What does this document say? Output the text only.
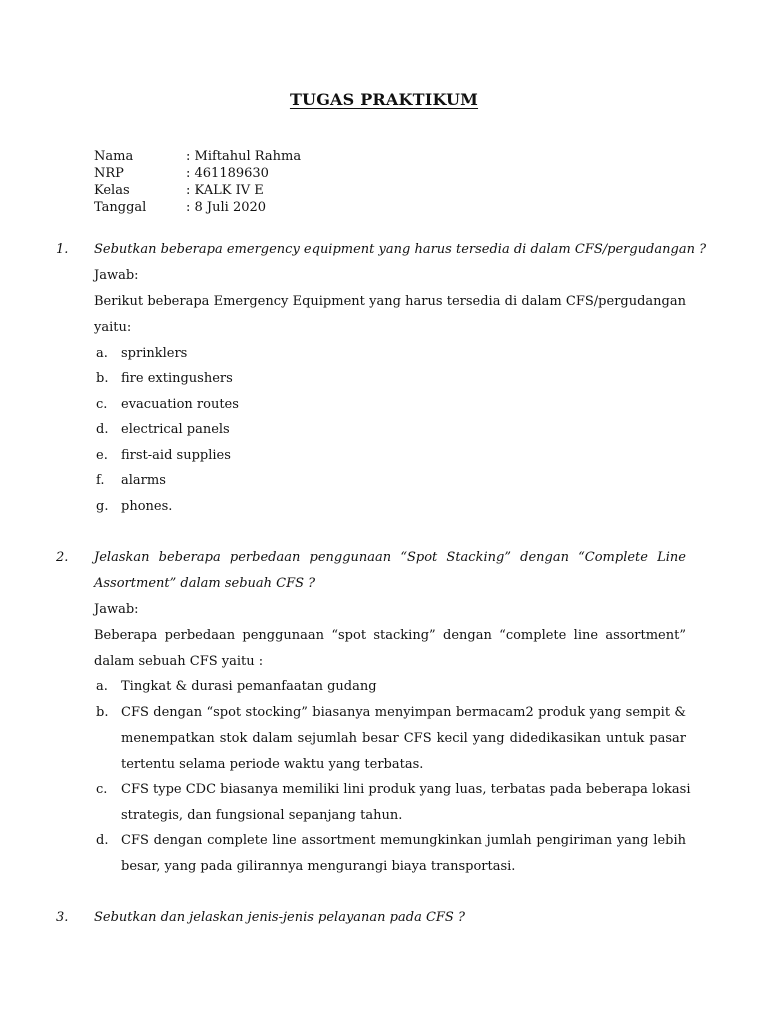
TUGAS PRAKTIKUM
Nama	: Miftahul Rahma
NRP	: 461189630
Kelas	: KALK IV E
Tanggal	: 8 Juli 2020
1. Sebutkan beberapa emergency equipment yang harus tersedia di dalam CFS/pergudangan ?
Jawab:
Berikut beberapa Emergency Equipment yang harus tersedia di dalam CFS/pergudangan
yaitu:
a. sprinklers
b. fire extingushers
c. evacuation routes
d. electrical panels
e. first-aid supplies
f. alarms
g. phones.
2. Jelaskan beberapa perbedaan penggunaan “Spot Stacking” dengan “Complete Line
Assortment” dalam sebuah CFS ?
Jawab:
Beberapa perbedaan penggunaan “spot stacking” dengan “complete line assortment”
dalam sebuah CFS yaitu :
a. Tingkat & durasi pemanfaatan gudang
b. CFS dengan “spot stocking” biasanya menyimpan bermacam2 produk yang sempit &
menempatkan stok dalam sejumlah besar CFS kecil yang didedikasikan untuk pasar
tertentu selama periode waktu yang terbatas.
c. CFS type CDC biasanya memiliki lini produk yang luas, terbatas pada beberapa lokasi
strategis, dan fungsional sepanjang tahun.
d. CFS dengan complete line assortment memungkinkan jumlah pengiriman yang lebih
besar, yang pada gilirannya mengurangi biaya transportasi.
3. Sebutkan dan jelaskan jenis-jenis pelayanan pada CFS ?
